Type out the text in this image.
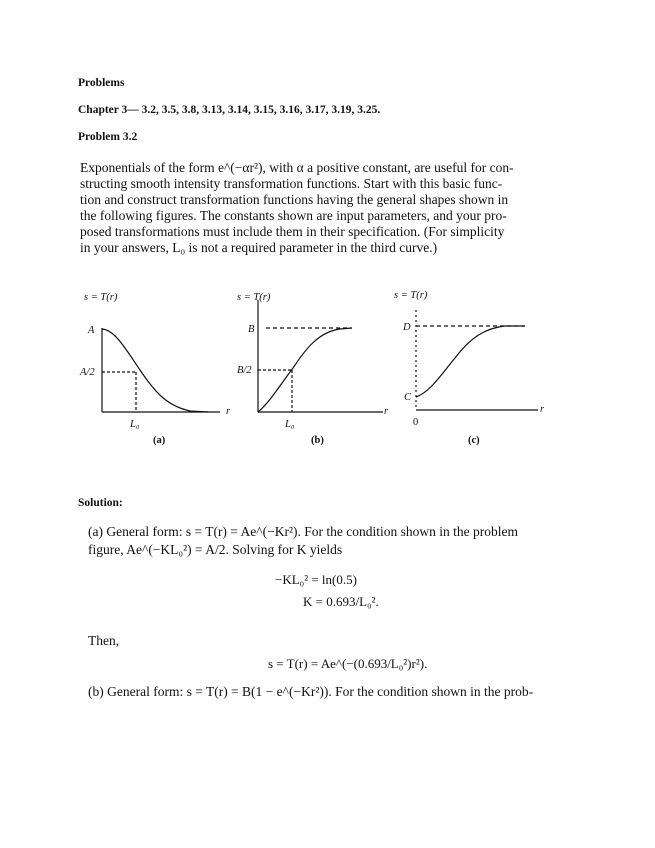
Problems
Chapter 3— 3.2, 3.5, 3.8, 3.13, 3.14, 3.15, 3.16, 3.17, 3.19, 3.25.
Problem 3.2
Exponentials of the form e^(−αr²), with α a positive constant, are useful for con-
structing smooth intensity transformation functions. Start with this basic func-
tion and construct transformation functions having the general shapes shown in
the following figures. The constants shown are input parameters, and your pro-
posed transformations must include them in their specification. (For simplicity
in your answers, L₀ is not a required parameter in the third curve.)
s = T(r)
A
A/2
r
L₀
(a)
s = T(r)
B
B/2
r
L₀
(b)
s = T(r)
D
C
r
0
(c)
Solution:
(a) General form: s = T(r) = Ae^(−Kr²). For the condition shown in the problem
figure, Ae^(−KL₀²) = A/2. Solving for K yields
−KL₀² = ln(0.5)
K = 0.693/L₀².
Then,
s = T(r) = Ae^(−(0.693/L₀²)r²).
(b) General form: s = T(r) = B(1 − e^(−Kr²)). For the condition shown in the prob-
